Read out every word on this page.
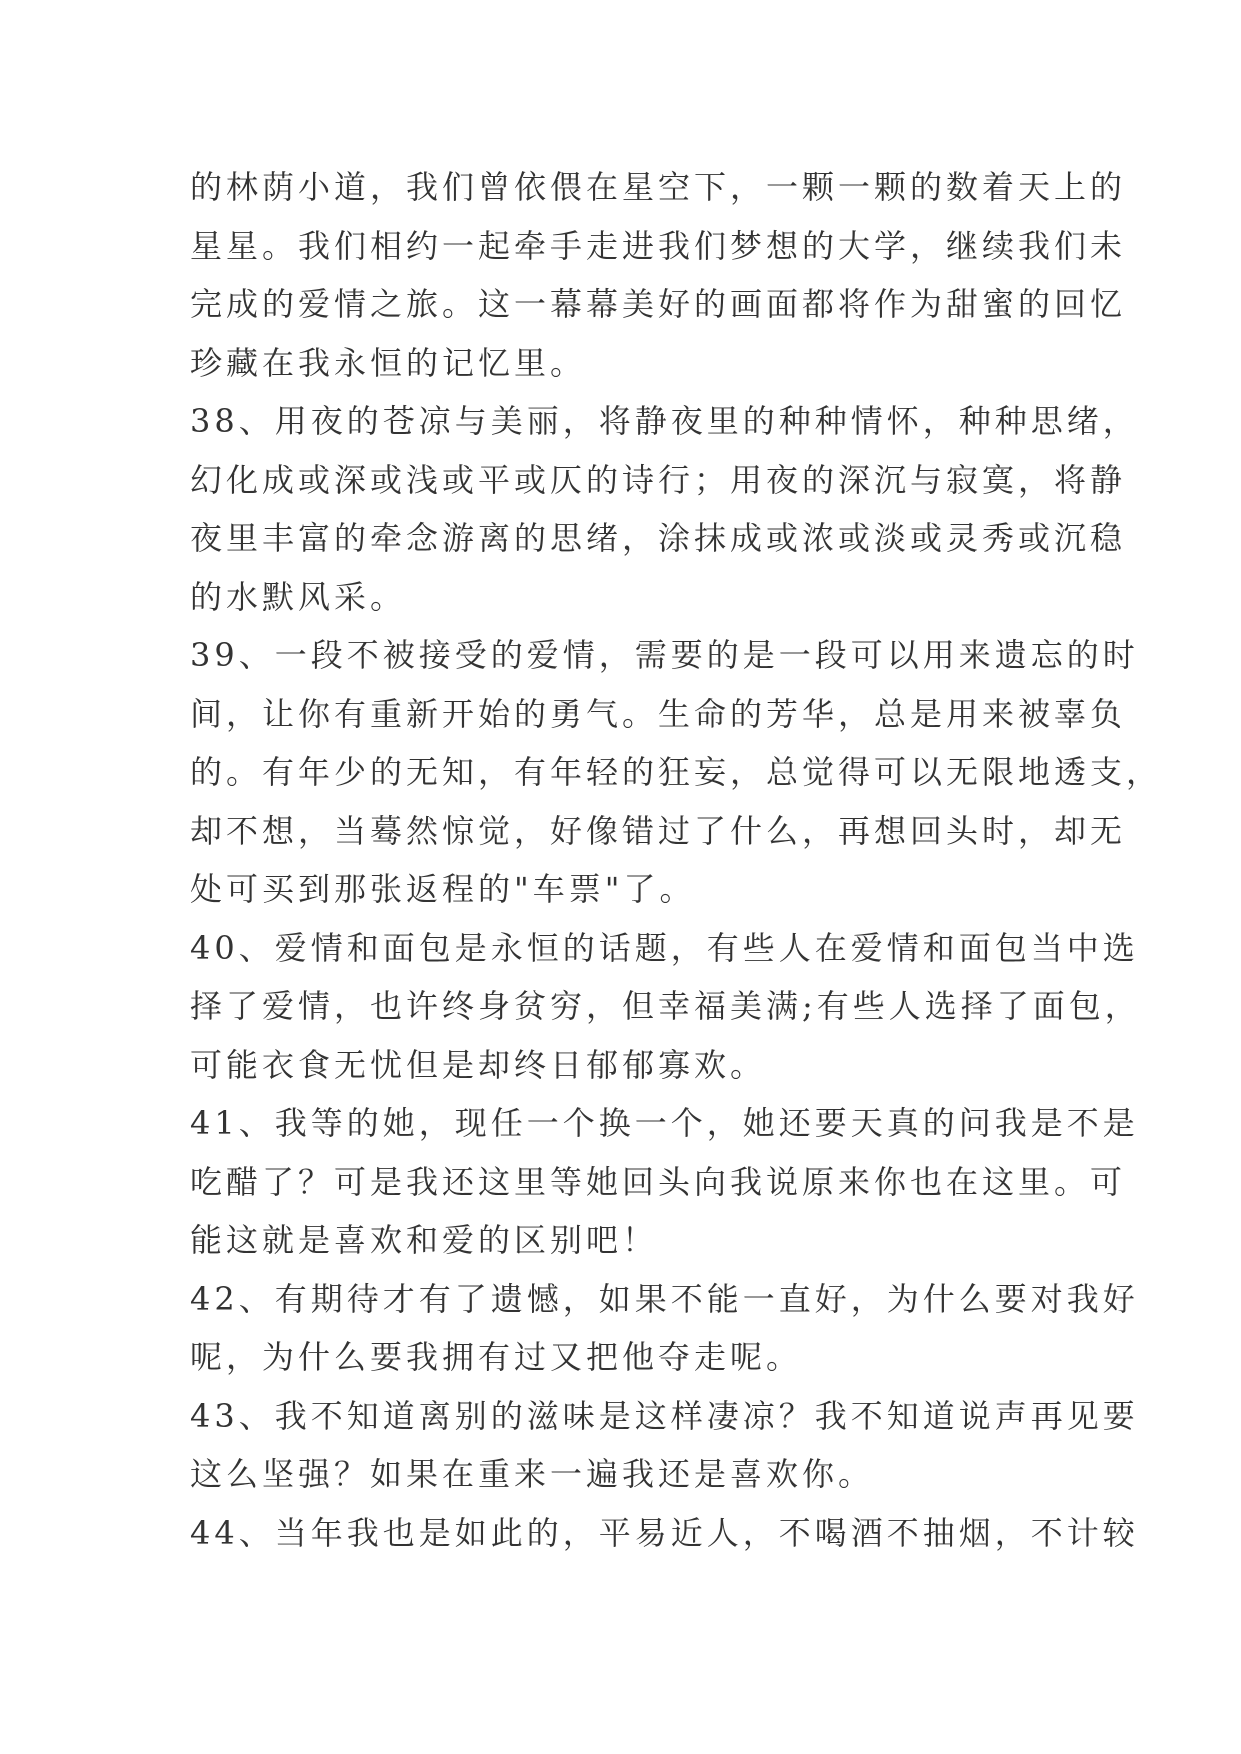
的林荫小道，我们曾依偎在星空下，一颗一颗的数着天上的
星星。我们相约一起牵手走进我们梦想的大学，继续我们未
完成的爱情之旅。这一幕幕美好的画面都将作为甜蜜的回忆
珍藏在我永恒的记忆里。
38、用夜的苍凉与美丽，将静夜里的种种情怀，种种思绪，
幻化成或深或浅或平或仄的诗行；用夜的深沉与寂寞，将静
夜里丰富的牵念游离的思绪，涂抹成或浓或淡或灵秀或沉稳
的水默风采。
39、一段不被接受的爱情，需要的是一段可以用来遗忘的时
间，让你有重新开始的勇气。生命的芳华，总是用来被辜负
的。有年少的无知，有年轻的狂妄，总觉得可以无限地透支，
却不想，当蓦然惊觉，好像错过了什么，再想回头时，却无
处可买到那张返程的"车票"了。
40、爱情和面包是永恒的话题，有些人在爱情和面包当中选
择了爱情，也许终身贫穷，但幸福美满;有些人选择了面包，
可能衣食无忧但是却终日郁郁寡欢。
41、我等的她，现任一个换一个，她还要天真的问我是不是
吃醋了？可是我还这里等她回头向我说原来你也在这里。可
能这就是喜欢和爱的区别吧！
42、有期待才有了遗憾，如果不能一直好，为什么要对我好
呢，为什么要我拥有过又把他夺走呢。
43、我不知道离别的滋味是这样凄凉？我不知道说声再见要
这么坚强？如果在重来一遍我还是喜欢你。
44、当年我也是如此的，平易近人，不喝酒不抽烟，不计较
